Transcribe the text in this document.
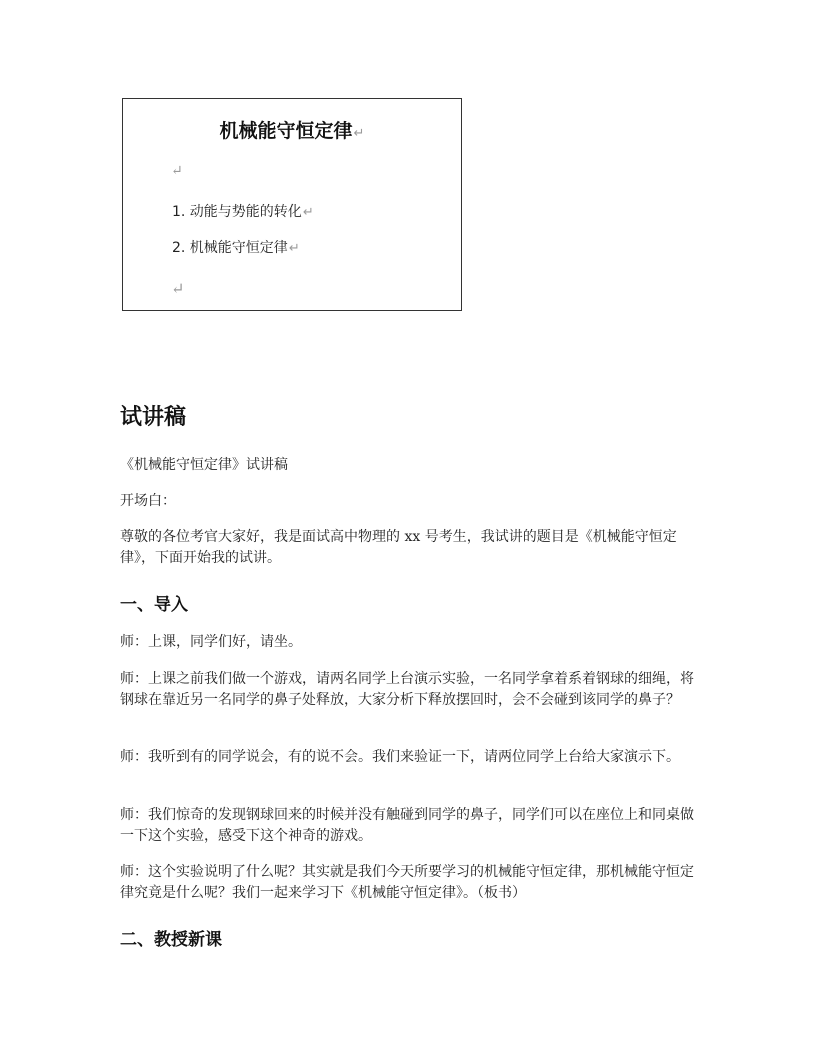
机械能守恒定律↵
↵
1. 动能与势能的转化↵
2. 机械能守恒定律↵
↵
试讲稿
《机械能守恒定律》试讲稿
开场白：
尊敬的各位考官大家好，我是面试高中物理的 xx 号考生，我试讲的题目是《机械能守恒定律》，下面开始我的试讲。
一、导入
师：上课，同学们好，请坐。
师：上课之前我们做一个游戏，请两名同学上台演示实验，一名同学拿着系着钢球的细绳，将钢球在靠近另一名同学的鼻子处释放，大家分析下释放摆回时，会不会碰到该同学的鼻子？
师：我听到有的同学说会，有的说不会。我们来验证一下，请两位同学上台给大家演示下。
师：我们惊奇的发现钢球回来的时候并没有触碰到同学的鼻子，同学们可以在座位上和同桌做一下这个实验，感受下这个神奇的游戏。
师：这个实验说明了什么呢？其实就是我们今天所要学习的机械能守恒定律，那机械能守恒定律究竟是什么呢？我们一起来学习下《机械能守恒定律》。（板书）
二、教授新课
